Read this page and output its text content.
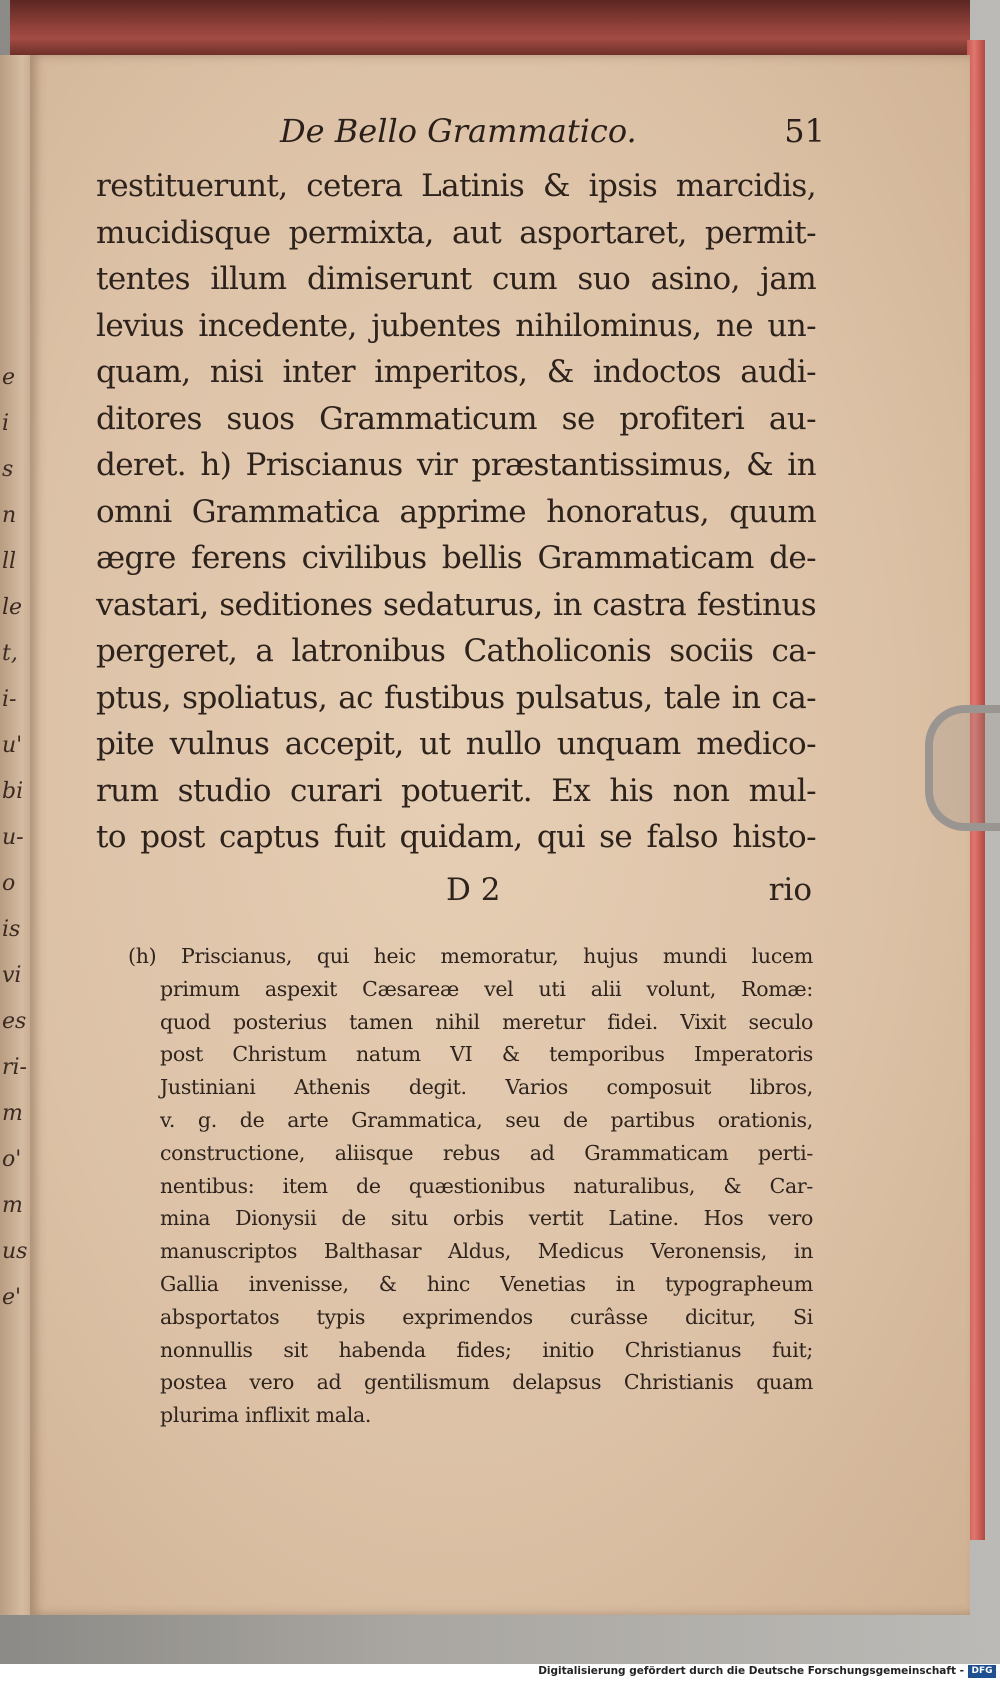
e
i
s
n
ll
le
t,
i-
u'
bi
u-
o
is
vi
es
ri-
m
o'
m
us
e'
De Bello Grammatico.	51
restituerunt, cetera Latinis & ipsis marcidis,
mucidisque permixta, aut asportaret, permit-
tentes illum dimiserunt cum suo asino, jam
levius incedente, jubentes nihilominus, ne un-
quam, nisi inter imperitos, & indoctos audi-
ditores suos Grammaticum se profiteri au-
deret. h) Priscianus vir præstantissimus, & in
omni Grammatica apprime honoratus, quum
ægre ferens civilibus bellis Grammaticam de-
vastari, seditiones sedaturus, in castra festinus
pergeret, a latronibus Catholiconis sociis ca-
ptus, spoliatus, ac fustibus pulsatus, tale in ca-
pite vulnus accepit, ut nullo unquam medico-
rum studio curari potuerit. Ex his non mul-
to post captus fuit quidam, qui se falso histo-
D 2	rio
(h) Priscianus, qui heic memoratur, hujus mundi lucem
primum aspexit Cæsareæ vel uti alii volunt, Romæ:
quod posterius tamen nihil meretur fidei. Vixit seculo
post Christum natum VI & temporibus Imperatoris
Justiniani Athenis degit. Varios composuit libros,
v. g. de arte Grammatica, seu de partibus orationis,
constructione, aliisque rebus ad Grammaticam perti-
nentibus: item de quæstionibus naturalibus, & Car-
mina Dionysii de situ orbis vertit Latine. Hos vero
manuscriptos Balthasar Aldus, Medicus Veronensis, in
Gallia invenisse, & hinc Venetias in typographeum
absportatos typis exprimendos curâsse dicitur, Si
nonnullis sit habenda fides; initio Christianus fuit;
postea vero ad gentilismum delapsus Christianis quam
plurima inflixit mala.
Digitalisierung gefördert durch die Deutsche Forschungsgemeinschaft - DFG
